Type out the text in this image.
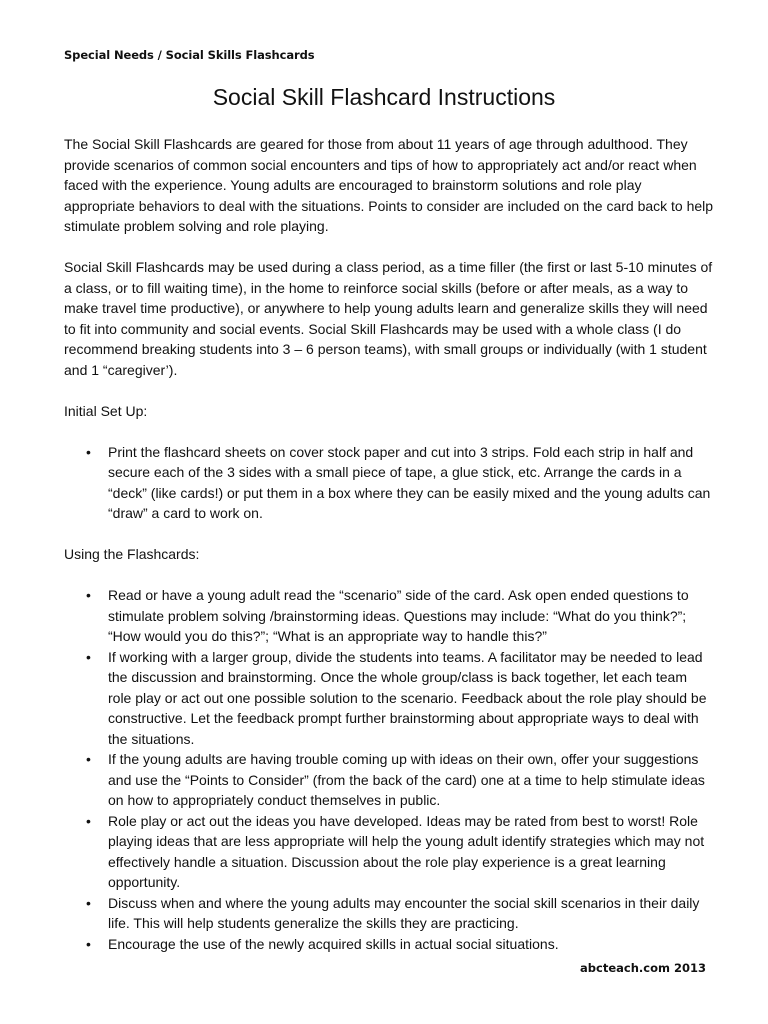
Special Needs / Social Skills Flashcards
Social Skill Flashcard Instructions

The Social Skill Flashcards are geared for those from about 11 years of age through adulthood. They provide scenarios of common social encounters and tips of how to appropriately act and/or react when faced with the experience. Young adults are encouraged to brainstorm solutions and role play appropriate behaviors to deal with the situations. Points to consider are included on the card back to help stimulate problem solving and role playing.

Social Skill Flashcards may be used during a class period, as a time filler (the first or last 5-10 minutes of a class, or to fill waiting time), in the home to reinforce social skills (before or after meals, as a way to make travel time productive), or anywhere to help young adults learn and generalize skills they will need to fit into community and social events. Social Skill Flashcards may be used with a whole class (I do recommend breaking students into 3 – 6 person teams), with small groups or individually (with 1 student and 1 “caregiver’).

Initial Set Up:

• Print the flashcard sheets on cover stock paper and cut into 3 strips. Fold each strip in half and secure each of the 3 sides with a small piece of tape, a glue stick, etc. Arrange the cards in a “deck” (like cards!) or put them in a box where they can be easily mixed and the young adults can “draw” a card to work on.

Using the Flashcards:

• Read or have a young adult read the “scenario” side of the card. Ask open ended questions to stimulate problem solving /brainstorming ideas. Questions may include: “What do you think?”; “How would you do this?”; “What is an appropriate way to handle this?”
• If working with a larger group, divide the students into teams. A facilitator may be needed to lead the discussion and brainstorming. Once the whole group/class is back together, let each team role play or act out one possible solution to the scenario. Feedback about the role play should be constructive. Let the feedback prompt further brainstorming about appropriate ways to deal with the situations.
• If the young adults are having trouble coming up with ideas on their own, offer your suggestions and use the “Points to Consider” (from the back of the card) one at a time to help stimulate ideas on how to appropriately conduct themselves in public.
• Role play or act out the ideas you have developed. Ideas may be rated from best to worst! Role playing ideas that are less appropriate will help the young adult identify strategies which may not effectively handle a situation. Discussion about the role play experience is a great learning opportunity.
• Discuss when and where the young adults may encounter the social skill scenarios in their daily life. This will help students generalize the skills they are practicing.
• Encourage the use of the newly acquired skills in actual social situations.
abcteach.com 2013
